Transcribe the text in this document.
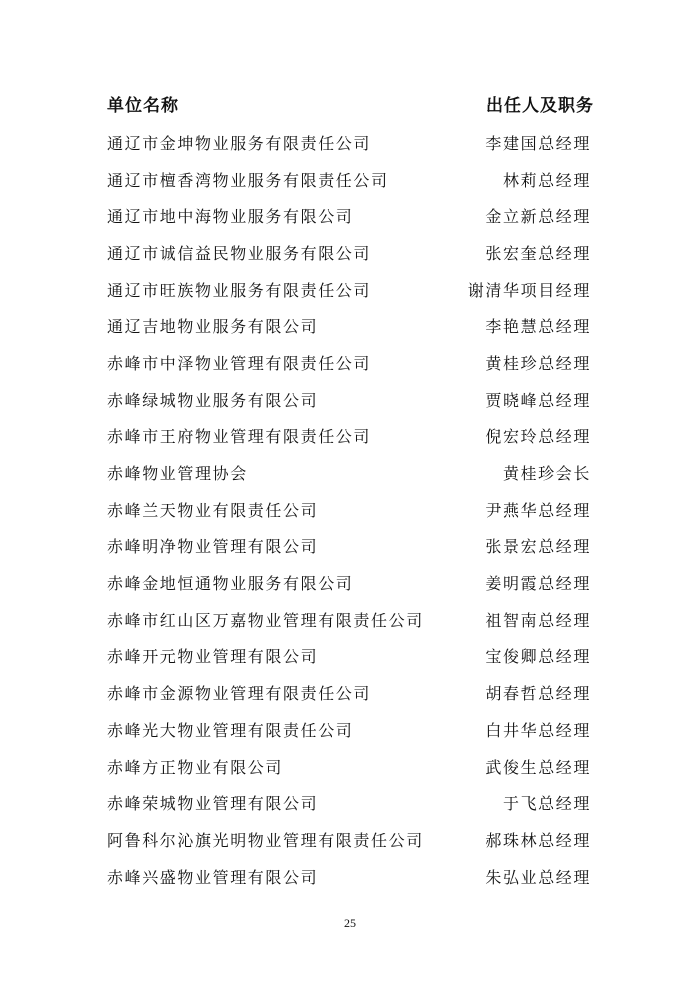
单位名称	出任人及职务
通辽市金坤物业服务有限责任公司	李建国总经理
通辽市檀香湾物业服务有限责任公司	林莉总经理
通辽市地中海物业服务有限公司	金立新总经理
通辽市诚信益民物业服务有限公司	张宏奎总经理
通辽市旺族物业服务有限责任公司	谢清华项目经理
通辽吉地物业服务有限公司	李艳慧总经理
赤峰市中泽物业管理有限责任公司	黄桂珍总经理
赤峰绿城物业服务有限公司	贾晓峰总经理
赤峰市王府物业管理有限责任公司	倪宏玲总经理
赤峰物业管理协会	黄桂珍会长
赤峰兰天物业有限责任公司	尹燕华总经理
赤峰明净物业管理有限公司	张景宏总经理
赤峰金地恒通物业服务有限公司	姜明霞总经理
赤峰市红山区万嘉物业管理有限责任公司	祖智南总经理
赤峰开元物业管理有限公司	宝俊卿总经理
赤峰市金源物业管理有限责任公司	胡春哲总经理
赤峰光大物业管理有限责任公司	白井华总经理
赤峰方正物业有限公司	武俊生总经理
赤峰荣城物业管理有限公司	于飞总经理
阿鲁科尔沁旗光明物业管理有限责任公司	郝珠林总经理
赤峰兴盛物业管理有限公司	朱弘业总经理
25
